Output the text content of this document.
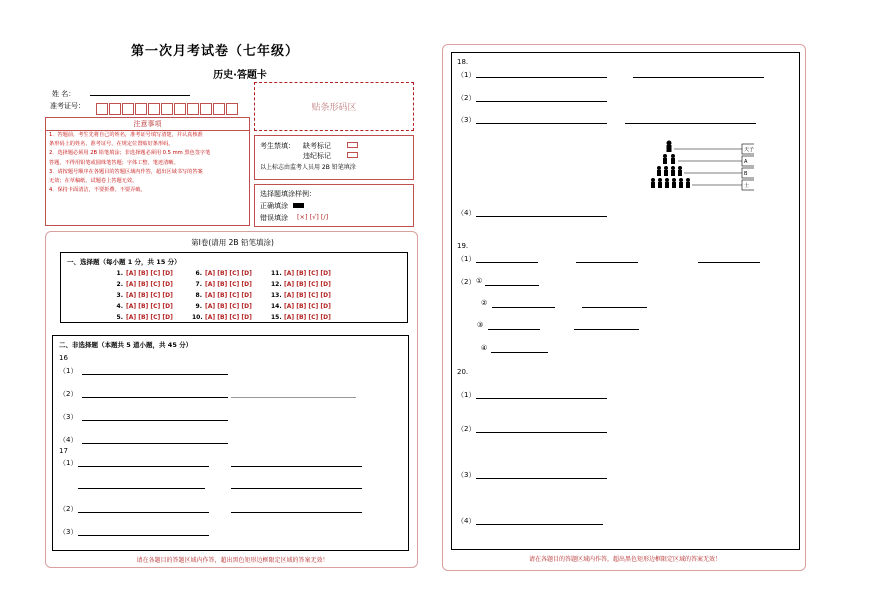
第一次月考试卷（七年级）
历史·答题卡
姓 名：
准考证号：	贴条形码区
注意事项

1．答题前，考生先将自己的姓名，准考证号填写清楚，并认真核准

条形码上的姓名、准考证号，在规定位置贴好条形码。

2．选择题必须用 2B 铅笔填涂；非选择题必须用 0.5 mm 黑色签字笔

答题，不得用铅笔或圆珠笔答题；字体工整、笔迹清晰。

3．请按题号顺序在各题目的答题区域内作答，超出区域书写的答案

无效；在草稿纸、试题卷上答题无效。

4．保持卡面清洁，不要折叠、不要弄破。

考生禁填： 缺考标记
违纪标记
以上标志由监考人员用 2B 铅笔填涂
选择题填涂样例：
正确填涂
错误填涂 [×] [√] [/]
第Ⅰ卷(请用 2B 铅笔填涂)
一、选择题（每小题 1 分，共 15 分）
1. [A] [B] [C] [D]
2. [A] [B] [C] [D]
3. [A] [B] [C] [D]
4. [A] [B] [C] [D]
5. [A] [B] [C] [D]
6. [A] [B] [C] [D]
7. [A] [B] [C] [D]
8. [A] [B] [C] [D]
9. [A] [B] [C] [D]
10. [A] [B] [C] [D]
11. [A] [B] [C] [D]
12. [A] [B] [C] [D]
13. [A] [B] [C] [D]
14. [A] [B] [C] [D]
15. [A] [B] [C] [D]
二、非选择题（本题共 5 道小题，共 45 分）
16
（1）
（2）
（3）
（4）
17
（1）
（2）
（3）
请在各题目的答题区域内作答，超出黑色矩形边框限定区域的答案无效！
18.
（1）
（2）
（3）
天子
A
B
士
（4）
19.
（1）
（2） ①
②
③
④
20.
（1）
（2）
（3）
（4）
请在各题目的答题区域内作答，超出黑色矩形边框限定区域的答案无效！
